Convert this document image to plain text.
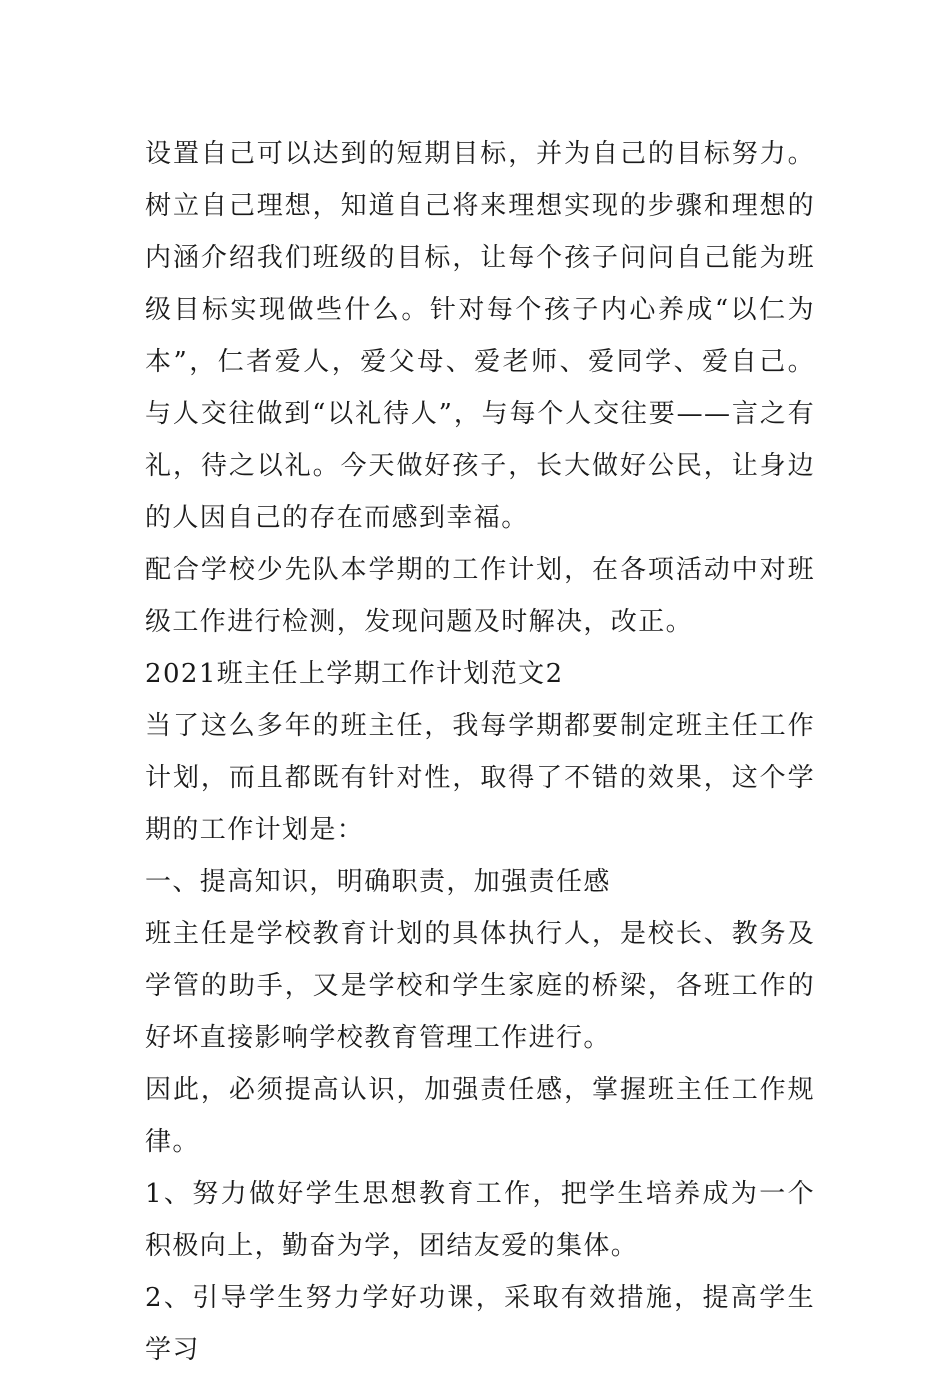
设置自己可以达到的短期目标，并为自己的目标努力。树立自己理想，知道自己将来理想实现的步骤和理想的内涵介绍我们班级的目标，让每个孩子问问自己能为班级目标实现做些什么。针对每个孩子内心养成“以仁为本”，仁者爱人，爱父母、爱老师、爱同学、爱自己。与人交往做到“以礼待人”，与每个人交往要——言之有礼，待之以礼。今天做好孩子，长大做好公民，让身边的人因自己的存在而感到幸福。

配合学校少先队本学期的工作计划，在各项活动中对班级工作进行检测，发现问题及时解决，改正。

2021班主任上学期工作计划范文2

当了这么多年的班主任，我每学期都要制定班主任工作计划，而且都既有针对性，取得了不错的效果，这个学期的工作计划是：

一、提高知识，明确职责，加强责任感

班主任是学校教育计划的具体执行人，是校长、教务及学管的助手，又是学校和学生家庭的桥梁，各班工作的好坏直接影响学校教育管理工作进行。

因此，必须提高认识，加强责任感，掌握班主任工作规律。

1、努力做好学生思想教育工作，把学生培养成为一个积极向上，勤奋为学，团结友爱的集体。

2、引导学生努力学好功课，采取有效措施，提高学生学习
